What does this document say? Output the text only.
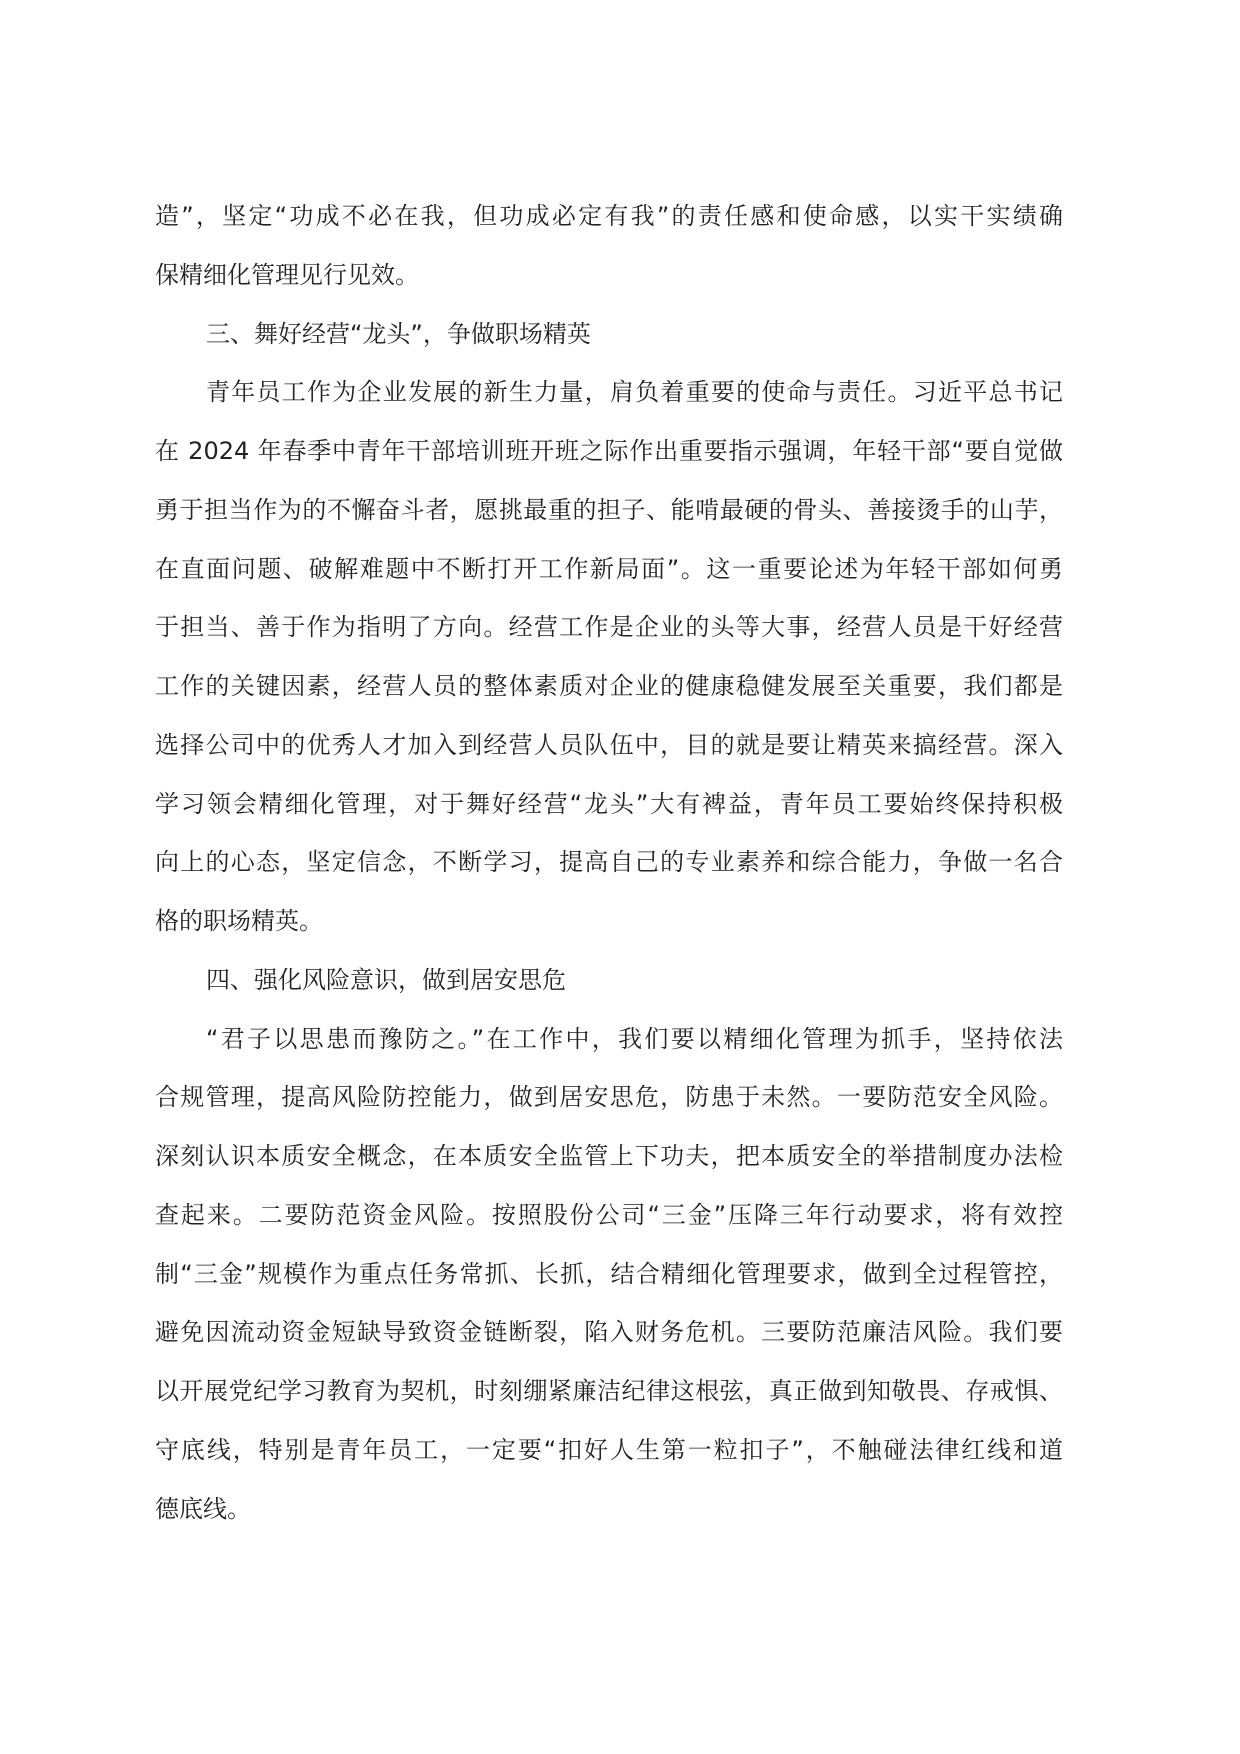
造”，坚定“功成不必在我，但功成必定有我”的责任感和使命感，以实干实绩确
保精细化管理见行见效。
三、舞好经营“龙头”，争做职场精英
青年员工作为企业发展的新生力量，肩负着重要的使命与责任。习近平总书记
在 2024 年春季中青年干部培训班开班之际作出重要指示强调，年轻干部“要自觉做
勇于担当作为的不懈奋斗者，愿挑最重的担子、能啃最硬的骨头、善接烫手的山芋，
在直面问题、破解难题中不断打开工作新局面”。这一重要论述为年轻干部如何勇
于担当、善于作为指明了方向。经营工作是企业的头等大事，经营人员是干好经营
工作的关键因素，经营人员的整体素质对企业的健康稳健发展至关重要，我们都是
选择公司中的优秀人才加入到经营人员队伍中，目的就是要让精英来搞经营。深入
学习领会精细化管理，对于舞好经营“龙头”大有裨益，青年员工要始终保持积极
向上的心态，坚定信念，不断学习，提高自己的专业素养和综合能力，争做一名合
格的职场精英。
四、强化风险意识，做到居安思危
“君子以思患而豫防之。”在工作中，我们要以精细化管理为抓手，坚持依法
合规管理，提高风险防控能力，做到居安思危，防患于未然。一要防范安全风险。
深刻认识本质安全概念，在本质安全监管上下功夫，把本质安全的举措制度办法检
查起来。二要防范资金风险。按照股份公司“三金”压降三年行动要求，将有效控
制“三金”规模作为重点任务常抓、长抓，结合精细化管理要求，做到全过程管控，
避免因流动资金短缺导致资金链断裂，陷入财务危机。三要防范廉洁风险。我们要
以开展党纪学习教育为契机，时刻绷紧廉洁纪律这根弦，真正做到知敬畏、存戒惧、
守底线，特别是青年员工，一定要“扣好人生第一粒扣子”，不触碰法律红线和道
德底线。
